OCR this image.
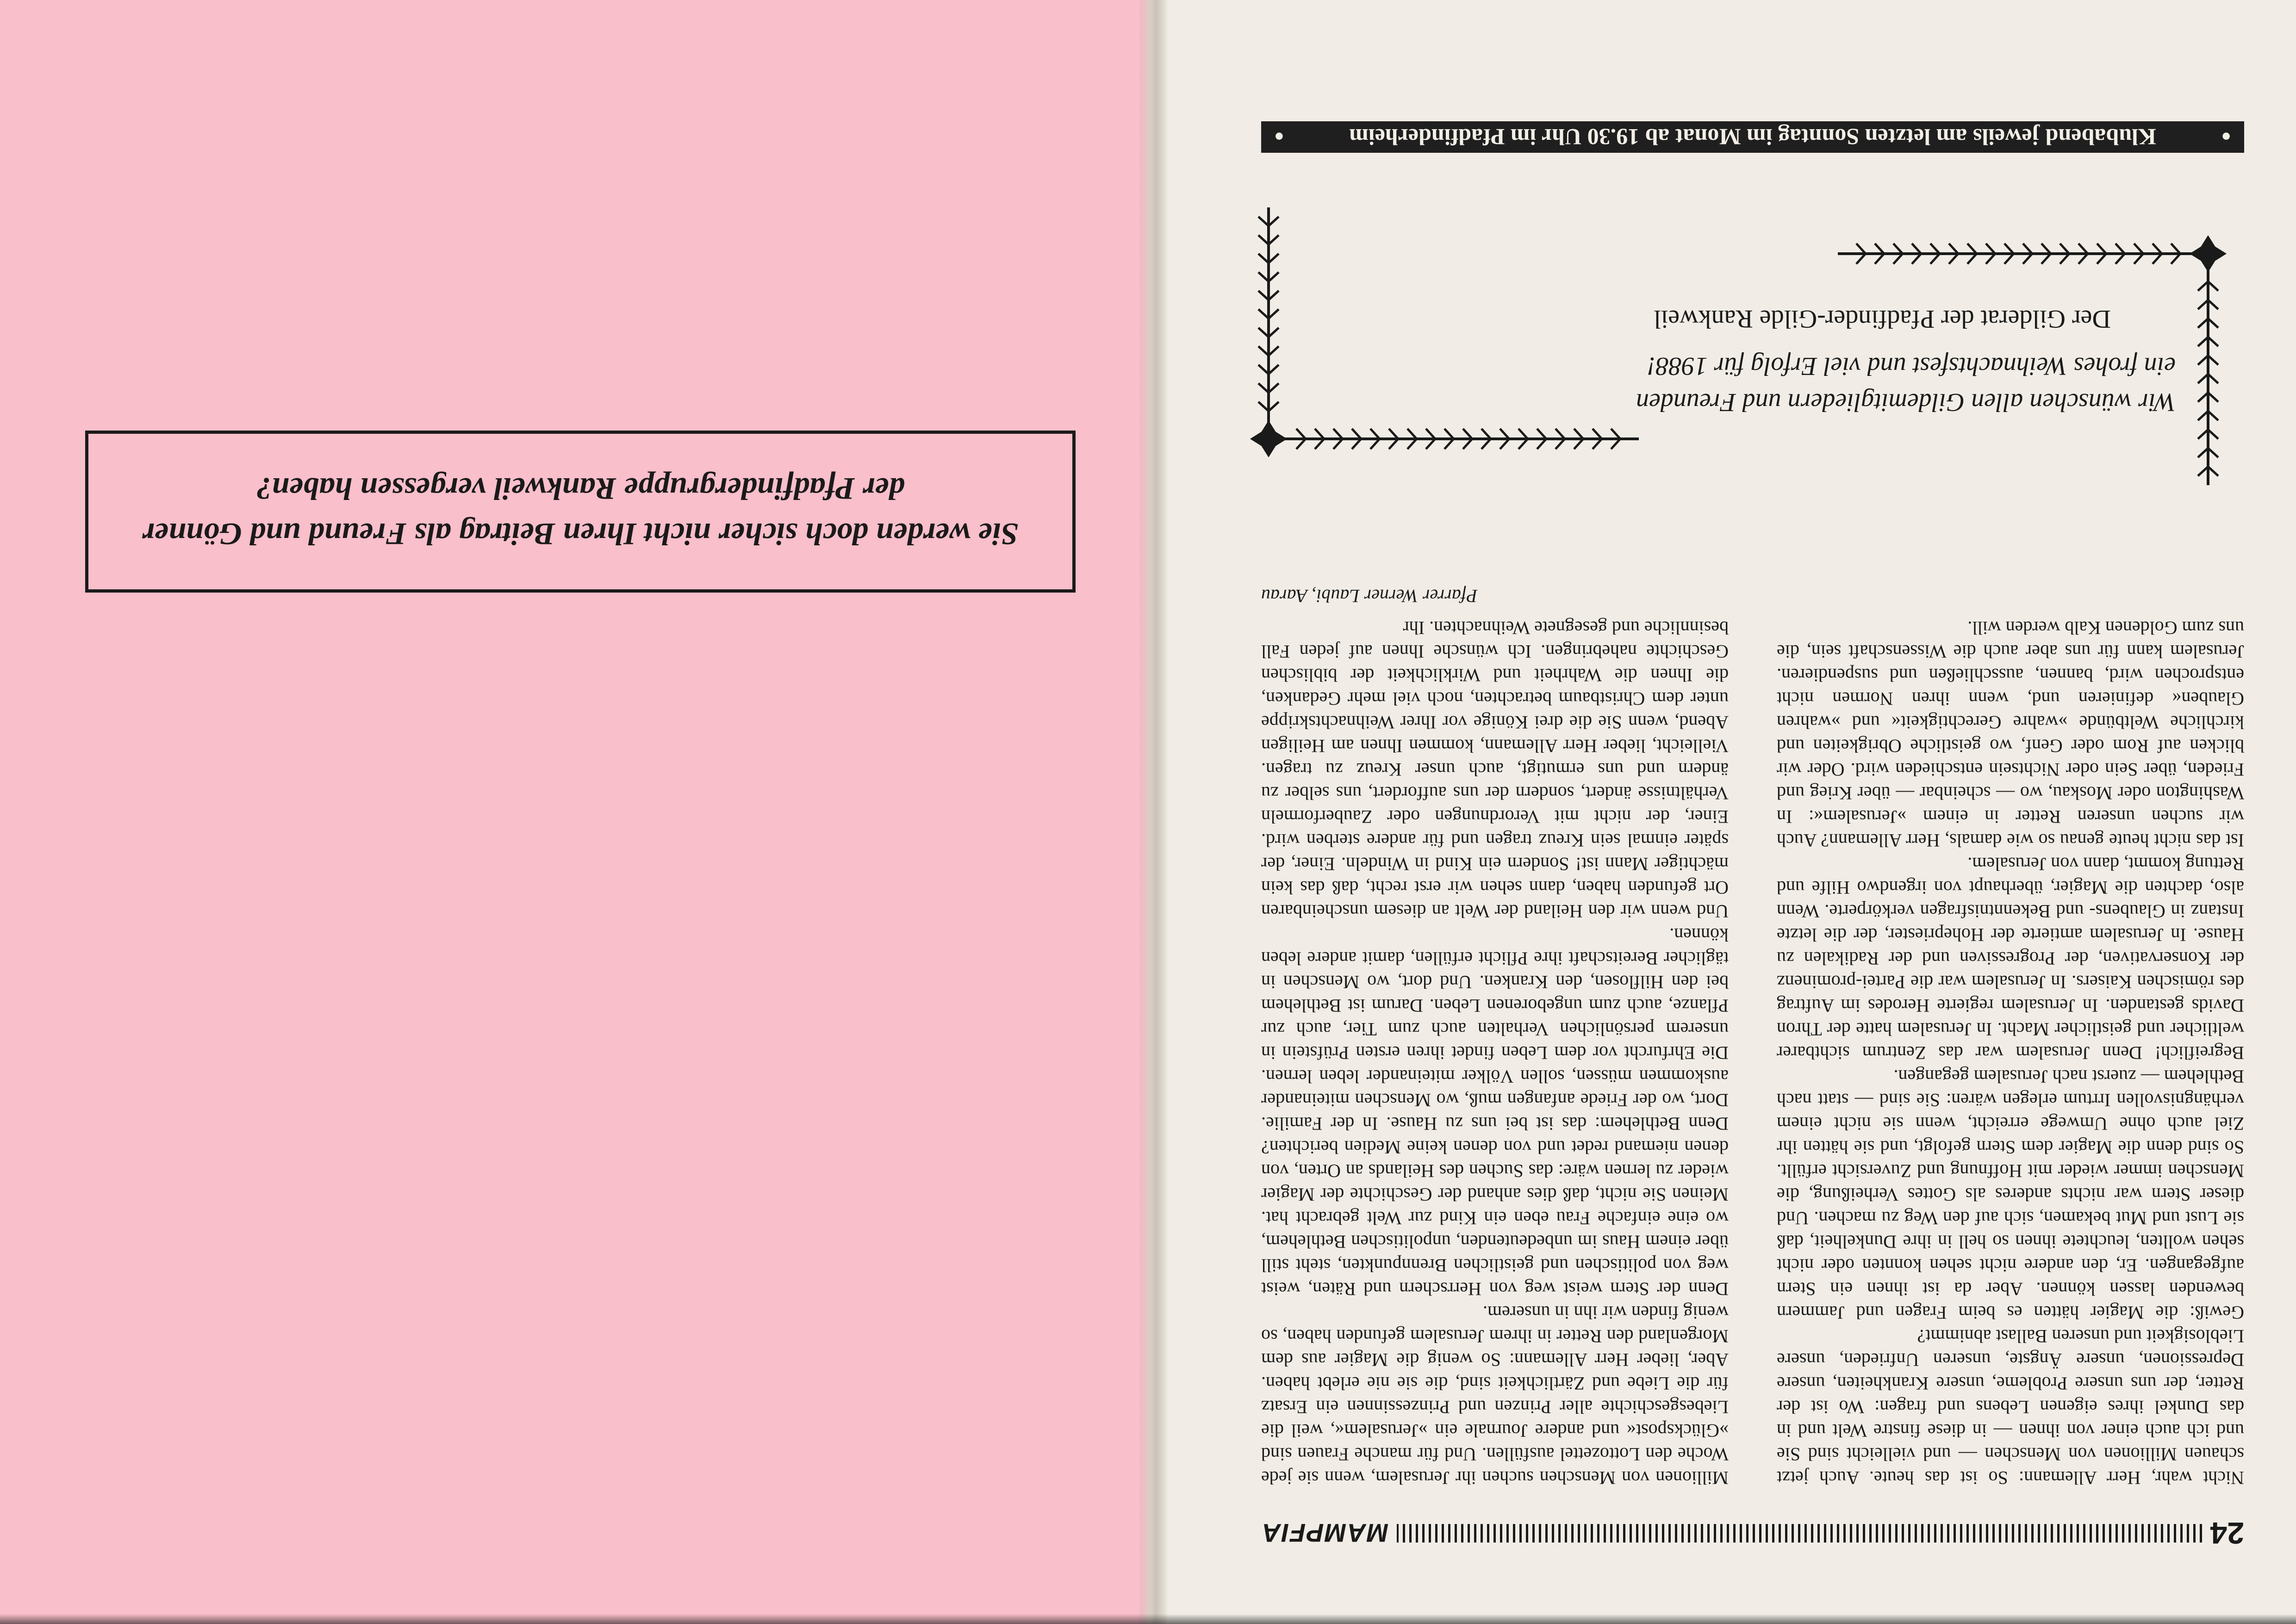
Sie werden doch sicher nicht Ihren Beitrag als Freund und Gönner

der Pfadfindergruppe Rankweil vergessen haben?

●
Klubabend jeweils am letzten Sonntag im Monat ab 19.30 Uhr im Pfadfinderheim
●

Wir wünschen allen Gildemitgliedern und Freunden

ein frohes Weihnachtsfest und viel Erfolg für 1988!

Der Gilderat der Pfadfinder-Gilde Rankweil

Nicht wahr, Herr Allemann: So ist das heute. Auch jetzt schauen Millionen von Menschen — und vielleicht sind Sie und ich auch einer von ihnen — in diese finstre Welt und in das Dunkel ihres eigenen Lebens und fragen: Wo ist der Retter, der uns unsere Probleme, unsere Krankheiten, unsere Depressionen, unsere Ängste, unseren Unfrieden, unsere Lieblosigkeit und unseren Ballast abnimmt?

Gewiß: die Magier hätten es beim Fragen und Jammern bewenden lassen können. Aber da ist ihnen ein Stern aufgegangen. Er, den andere nicht sehen konnten oder nicht sehen wollten, leuchtete ihnen so hell in ihre Dunkelheit, daß sie Lust und Mut bekamen, sich auf den Weg zu machen. Und dieser Stern war nichts anderes als Gottes Verheißung, die Menschen immer wieder mit Hoffnung und Zuversicht erfüllt. So sind denn die Magier dem Stern gefolgt, und sie hätten ihr Ziel auch ohne Umwege erreicht, wenn sie nicht einem verhängnisvollen Irrtum erlegen wären: Sie sind — statt nach Bethlehem — zuerst nach Jerusalem gegangen.

Begreiflich! Denn Jerusalem war das Zentrum sichtbarer weltlicher und geistlicher Macht. In Jerusalem hatte der Thron Davids gestanden. In Jerusalem regierte Herodes im Auftrag des römischen Kaisers. In Jerusalem war die Partei-prominenz der Konservativen, der Progressiven und der Radikalen zu Hause. In Jerusalem amtierte der Hohepriester, der die letzte Instanz in Glaubens- und Bekenntnisfragen verkörperte. Wenn also, dachten die Magier, überhaupt von irgendwo Hilfe und Rettung kommt, dann von Jerusalem.

Ist das nicht heute genau so wie damals, Herr Allemann? Auch wir suchen unseren Retter in einem »Jerusalem«: In Washington oder Moskau, wo — scheinbar — über Krieg und Frieden, über Sein oder Nichtsein entschieden wird. Oder wir blicken auf Rom oder Genf, wo geistliche Obrigkeiten und kirchliche Weltbünde »wahre Gerechtigkeit« und »wahren Glauben« definieren und, wenn ihren Normen nicht entsprochen wird, bannen, ausschließen und suspendieren. Jerusalem kann für uns aber auch die Wissenschaft sein, die uns zum Goldenen Kalb werden will.

Millionen von Menschen suchen ihr Jerusalem, wenn sie jede Woche den Lottozettel ausfüllen. Und für manche Frauen sind »Glückspost« und andere Journale ein »Jerusalem«, weil die Liebesgeschichte aller Prinzen und Prinzessinnen ein Ersatz für die Liebe und Zärtlichkeit sind, die sie nie erlebt haben. Aber, lieber Herr Allemann: So wenig die Magier aus dem Morgenland den Retter in ihrem Jerusalem gefunden haben, so wenig finden wir ihn in unserem.

Denn der Stern weist weg von Herrschern und Räten, weist weg von politischen und geistlichen Brennpunkten, steht still über einem Haus im unbedeutenden, unpolitischen Bethlehem, wo eine einfache Frau eben ein Kind zur Welt gebracht hat. Meinen Sie nicht, daß dies anhand der Geschichte der Magier wieder zu lernen wäre: das Suchen des Heilands an Orten, von denen niemand redet und von denen keine Medien berichten? Denn Bethlehem: das ist bei uns zu Hause. In der Familie. Dort, wo der Friede anfangen muß, wo Menschen miteinander auskommen müssen, sollen Völker miteinander leben lernen. Die Ehrfurcht vor dem Leben findet ihren ersten Prüfstein in unserem persönlichen Verhalten auch zum Tier, auch zur Pflanze, auch zum ungeborenen Leben. Darum ist Bethlehem bei den Hilflosen, den Kranken. Und dort, wo Menschen in täglicher Bereitschaft ihre Pflicht erfüllen, damit andere leben können.

Und wenn wir den Heiland der Welt an diesem unscheinbaren Ort gefunden haben, dann sehen wir erst recht, daß das kein mächtiger Mann ist! Sondern ein Kind in Windeln. Einer, der später einmal sein Kreuz tragen und für andere sterben wird. Einer, der nicht mit Verordnungen oder Zauberformeln Verhältnisse ändert, sondern der uns auffordert, uns selber zu ändern und uns ermutigt, auch unser Kreuz zu tragen. Vielleicht, lieber Herr Allemann, kommen Ihnen am Heiligen Abend, wenn Sie die drei Könige vor Ihrer Weihnachtskrippe unter dem Christbaum betrachten, noch viel mehr Gedanken, die Ihnen die Wahrheit und Wirklichkeit der biblischen Geschichte nahebringen. Ich wünsche Ihnen auf jeden Fall besinnliche und gesegnete Weihnachten. Ihr

Pfarrer Werner Laubi, Aarau

24
MAMPFIA
